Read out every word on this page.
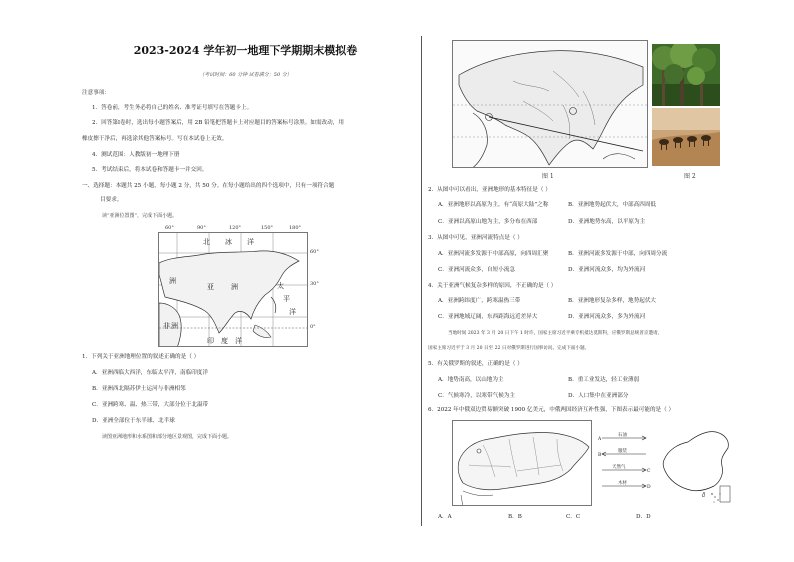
2023-2024 学年初一地理下学期期末模拟卷
（考试时间：60 分钟 试卷满分：50 分）
注意事项：
1．答卷前，考生务必将自己的姓名、准考证号填写在答题卡上。
2．回答第Ⅰ卷时，选出每小题答案后，用 2B 铅笔把答题卡上对应题目的答案标号涂黑。如需改动，用
橡皮擦干净后，再选涂其他答案标号。写在本试卷上无效。
4．测试范围：人教版初一地理下册
5．考试结束后，将本试卷和答题卡一并交回。
一、选择题：本题共 25 小题，每小题 2 分，共 50 分。在每小题给出的四个选项中，只有一项符合题
目要求。
读“亚洲位置图”，完成下面小题。
北 冰 洋
洲
亚 洲	太
平
洋
非 洲
印 度 洋
60°	90°	120°	150°	180°
60°
30°
0°
1．下列关于亚洲地理位置的叙述正确的是（ ）
A．亚洲西临大西洋，东临太平洋，南临印度洋
B．亚洲西北隔苏伊士运河与非洲相邻
C．亚洲跨寒、温、热三带，大部分位于北温带
D．亚洲全部位于东半球、北半球
读图亚洲地形和水系图和部分地区景观图，完成下面小题。
图 1	图 2
2．从图中可以看出，亚洲地形的基本特征是（ ）
A．亚洲地形以高原为主，有“高原大陆”之称	B．亚洲地势起伏大，中部高四周低
C．亚洲以高原山地为主，多分布在西部	D．亚洲地势东高，以平原为主
3．从图中可见，亚洲河流特点是（ ）
A．亚洲河流多发源于中部高原，向四周汇聚	B．亚洲河流多发源于中部，向四周分流
C．亚洲河流众多，自短小流急	D．亚洲河流众多，均为外流河
4．关于亚洲气候复杂多样的原因，不正确的是（ ）
A．亚洲跨纬度广，跨寒温热三带	B．亚洲地形复杂多样，地势起伏大
C．亚洲地域辽阔，东西距海远近差异大	D．亚洲河流众多，多为外流河
当地时间 2023 年 3 月 20 日下午 1 时许，国家主席习近平乘专机抵达莫斯科，应俄罗斯总统普京邀请，
国家主席习近平于 3 月 20 日至 22 日对俄罗斯进行国事访问。完成下面小题。
5．有关俄罗斯的叙述，正确的是（ ）
A．地势南高，以山地为主	B．重工业发达，轻工业薄弱
C．气候寒冷，以寒带气候为主	D．人口集中在亚洲部分
6．2022 年中俄双边贸易额突破 1900 亿美元，中俄两国经济互补性强，下图表示最可能的是（ ）
A
石油
B
服装
天然气
C
木材
D
A．A	B．B	C．C	D．D
